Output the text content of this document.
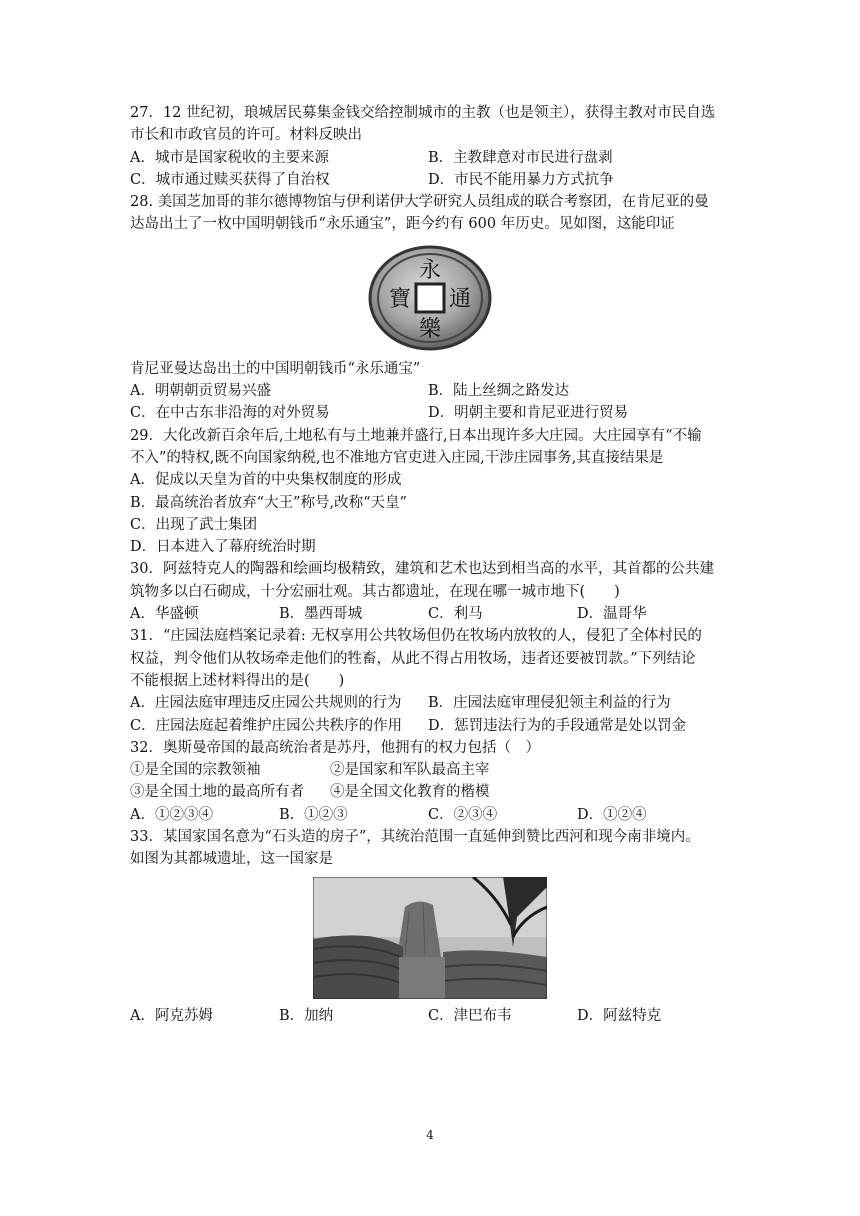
27．12 世纪初，琅城居民募集金钱交给控制城市的主教（也是领主），获得主教对市民自选
市长和市政官员的许可。材料反映出
A．城市是国家税收的主要来源	B．主教肆意对市民进行盘剥
C．城市通过赎买获得了自治权	D．市民不能用暴力方式抗争
28. 美国芝加哥的菲尔德博物馆与伊利诺伊大学研究人员组成的联合考察团，在肯尼亚的曼
达岛出土了一枚中国明朝钱币“永乐通宝”，距今约有 600 年历史。见如图，这能印证
永
樂
通
寶
肯尼亚曼达岛出土的中国明朝钱币“永乐通宝”
A．明朝朝贡贸易兴盛	B．陆上丝绸之路发达
C．在中古东非沿海的对外贸易	D．明朝主要和肯尼亚进行贸易
29．大化改新百余年后,土地私有与土地兼并盛行,日本出现许多大庄园。大庄园享有“不输
不入”的特权,既不向国家纳税,也不准地方官吏进入庄园,干涉庄园事务,其直接结果是
A．促成以天皇为首的中央集权制度的形成
B．最高统治者放弃“大王”称号,改称“天皇”
C．出现了武士集团
D．日本进入了幕府统治时期
30．阿兹特克人的陶器和绘画均极精致，建筑和艺术也达到相当高的水平，其首都的公共建
筑物多以白石砌成，十分宏丽壮观。其古都遗址，在现在哪一城市地下(　　)
A．华盛顿	B．墨西哥城	C．利马	D．温哥华
31．“庄园法庭档案记录着: 无权享用公共牧场但仍在牧场内放牧的人，侵犯了全体村民的
权益，判令他们从牧场牵走他们的牲畜，从此不得占用牧场，违者还要被罚款。”下列结论
不能根据上述材料得出的是(　　)
A．庄园法庭审理违反庄园公共规则的行为	B．庄园法庭审理侵犯领主利益的行为
C．庄园法庭起着维护庄园公共秩序的作用	D．惩罚违法行为的手段通常是处以罚金
32．奥斯曼帝国的最高统治者是苏丹，他拥有的权力包括（　）
①是全国的宗教领袖	②是国家和军队最高主宰
③是全国土地的最高所有者	④是全国文化教育的楷模
A．①②③④	B．①②③	C．②③④	D．①②④
33．某国家国名意为“石头造的房子”，其统治范围一直延伸到赞比西河和现今南非境内。
如图为其都城遗址，这一国家是
A．阿克苏姆	B．加纳	C．津巴布韦	D．阿兹特克
4
